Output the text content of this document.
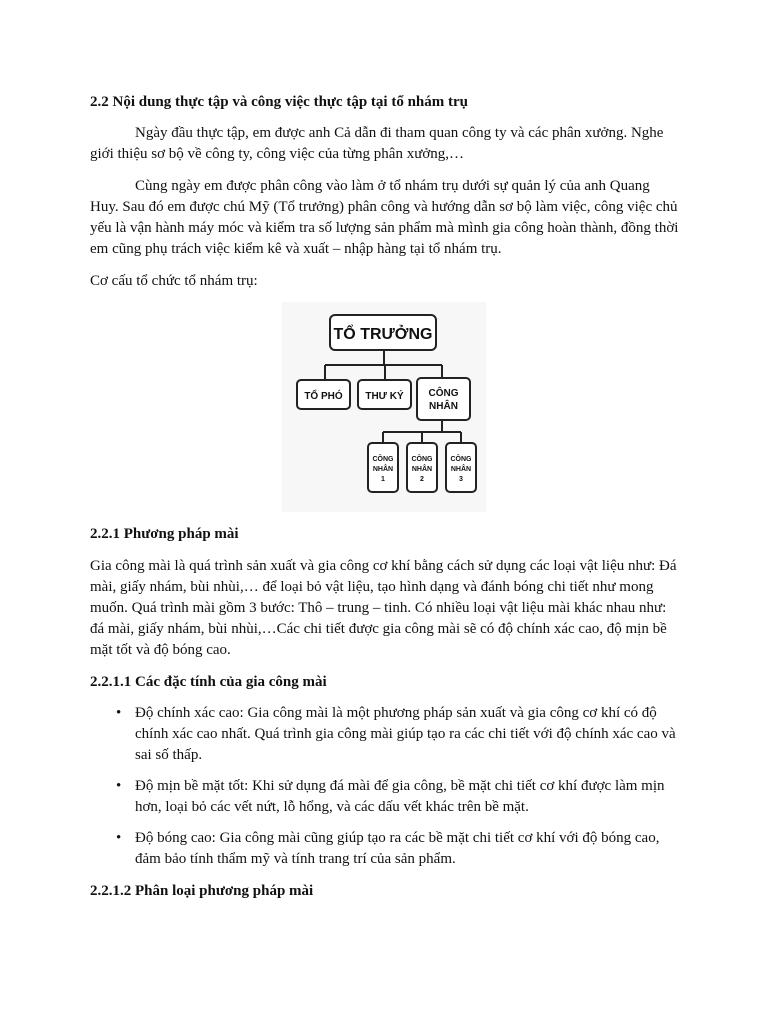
2.2 Nội dung thực tập và công việc thực tập tại tổ nhám trụ

Ngày đầu thực tập, em được anh Cả dẫn đi tham quan công ty và các phân xưởng. Nghe giới thiệu sơ bộ về công ty, công việc của từng phân xưởng,…

Cùng ngày em được phân công vào làm ở tổ nhám trụ dưới sự quản lý của anh Quang Huy. Sau đó em được chú Mỹ (Tổ trưởng) phân công và hướng dẫn sơ bộ làm việc, công việc chủ yếu là vận hành máy móc và kiểm tra số lượng sản phẩm mà mình gia công hoàn thành, đồng thời em cũng phụ trách việc kiểm kê và xuất – nhập hàng tại tổ nhám trụ.

Cơ cấu tổ chức tổ nhám trụ:

TỔ TRƯỞNG
TỔ PHÓ THƯ KÝ CÔNG
NHÂN
CÔNG
NHÂN
1
CÔNG
NHÂN
2
CÔNG
NHÂN
3
2.2.1 Phương pháp mài

Gia công mài là quá trình sản xuất và gia công cơ khí bằng cách sử dụng các loại vật liệu như: Đá mài, giấy nhám, bùi nhùi,… để loại bỏ vật liệu, tạo hình dạng và đánh bóng chi tiết như mong muốn. Quá trình mài gồm 3 bước: Thô – trung – tinh. Có nhiều loại vật liệu mài khác nhau như: đá mài, giấy nhám, bùi nhùi,…Các chi tiết được gia công mài sẽ có độ chính xác cao, độ mịn bề mặt tốt và độ bóng cao.

2.2.1.1 Các đặc tính của gia công mài
• Độ chính xác cao: Gia công mài là một phương pháp sản xuất và gia công cơ khí có độ chính xác cao nhất. Quá trình gia công mài giúp tạo ra các chi tiết với độ chính xác cao và sai số thấp.
• Độ mịn bề mặt tốt: Khi sử dụng đá mài để gia công, bề mặt chi tiết cơ khí được làm mịn hơn, loại bỏ các vết nứt, lỗ hổng, và các dấu vết khác trên bề mặt.
• Độ bóng cao: Gia công mài cũng giúp tạo ra các bề mặt chi tiết cơ khí với độ bóng cao, đảm bảo tính thẩm mỹ và tính trang trí của sản phẩm.
2.2.1.2 Phân loại phương pháp mài
